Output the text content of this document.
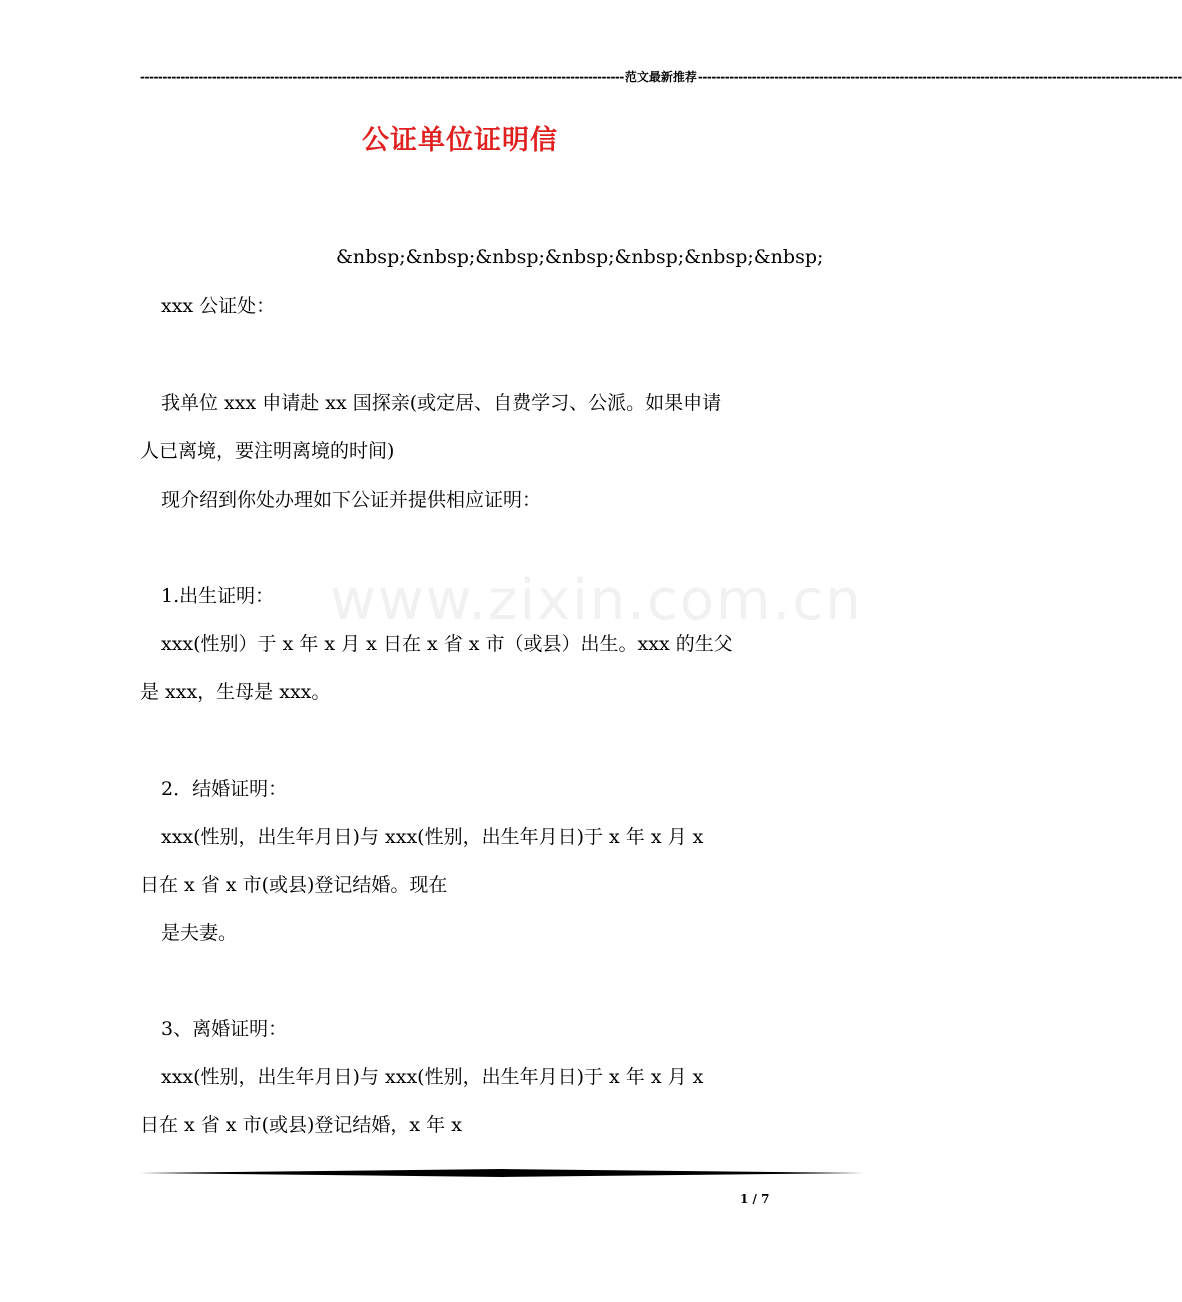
------------------------------------------------------------------------------------------------------------ 范文最新推荐 ------------------------------------------------------------------------------------------------------------
www.zixin.com.cn
公证单位证明信
&nbsp;&nbsp;&nbsp;&nbsp;&nbsp;&nbsp;&nbsp;
xxx 公证处：
我单位 xxx 申请赴 xx 国探亲(或定居、自费学习、公派。如果申请
人已离境，要注明离境的时间)
现介绍到你处办理如下公证并提供相应证明：
1.出生证明：
xxx(性别）于 x 年 x 月 x 日在 x 省 x 市（或县）出生。xxx 的生父
是 xxx，生母是 xxx。
2．结婚证明：
xxx(性别，出生年月日)与 xxx(性别，出生年月日)于 x 年 x 月 x
日在 x 省 x 市(或县)登记结婚。现在
是夫妻。
3、离婚证明：
xxx(性别，出生年月日)与 xxx(性别，出生年月日)于 x 年 x 月 x
日在 x 省 x 市(或县)登记结婚，x 年 x
1 / 7
